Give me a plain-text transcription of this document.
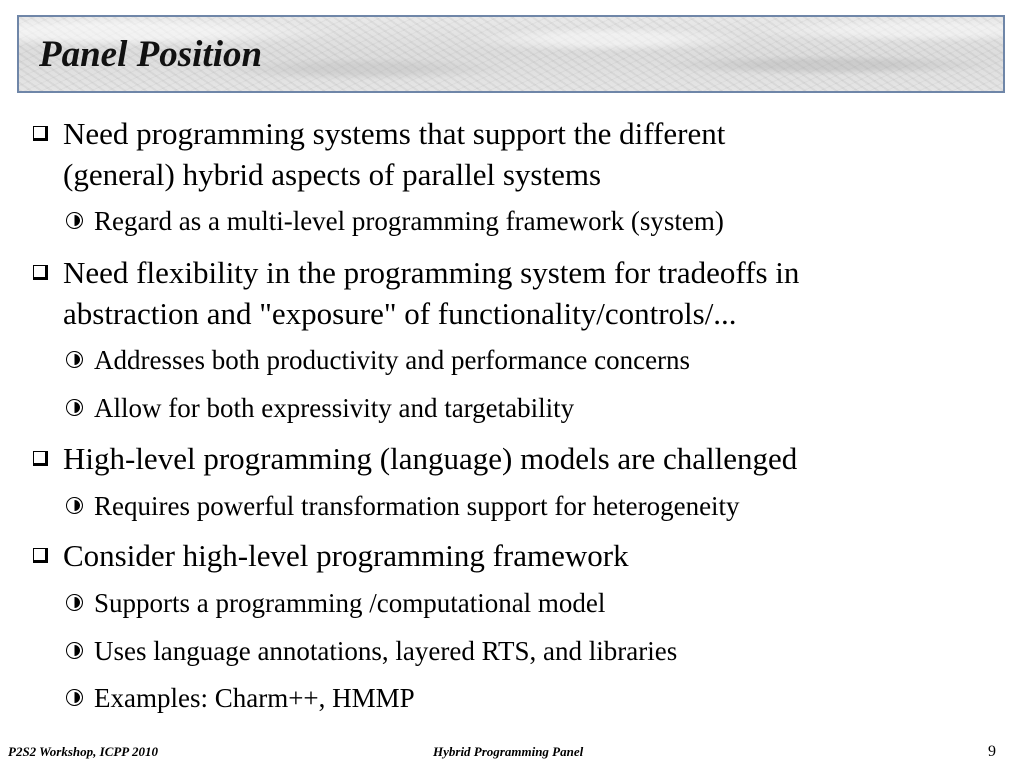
Panel Position
Need programming systems that support the different
(general) hybrid aspects of parallel systems
Regard as a multi-level programming framework (system)
Need flexibility in the programming system for tradeoffs in
abstraction and "exposure" of functionality/controls/...
Addresses both productivity and performance concerns
Allow for both expressivity and targetability
High-level programming (language) models are challenged
Requires powerful transformation support for heterogeneity
Consider high-level programming framework
Supports a programming /computational model
Uses language annotations, layered RTS, and libraries
Examples: Charm++, HMMP
P2S2 Workshop, ICPP 2010	Hybrid Programming Panel	9
